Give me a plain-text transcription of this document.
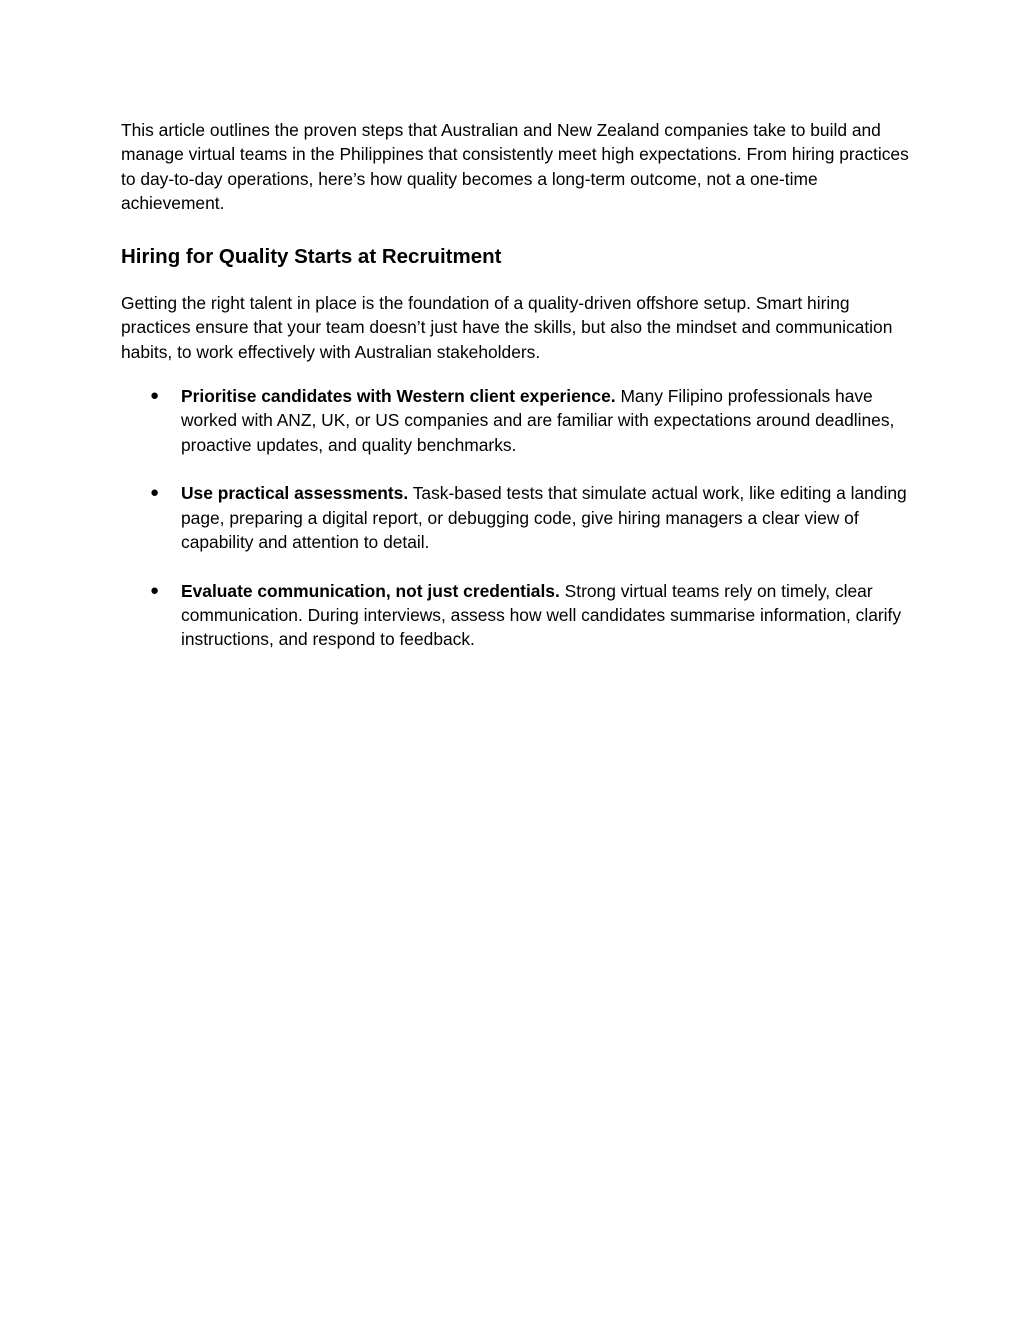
This article outlines the proven steps that Australian and New Zealand companies take to build and manage virtual teams in the Philippines that consistently meet high expectations. From hiring practices to day-to-day operations, here’s how quality becomes a long-term outcome, not a one-time achievement.

Hiring for Quality Starts at Recruitment

Getting the right talent in place is the foundation of a quality-driven offshore setup. Smart hiring practices ensure that your team doesn’t just have the skills, but also the mindset and communication habits, to work effectively with Australian stakeholders.

● Prioritise candidates with Western client experience. Many Filipino professionals have worked with ANZ, UK, or US companies and are familiar with expectations around deadlines, proactive updates, and quality benchmarks.
● Use practical assessments. Task-based tests that simulate actual work, like editing a landing page, preparing a digital report, or debugging code, give hiring managers a clear view of capability and attention to detail.
● Evaluate communication, not just credentials. Strong virtual teams rely on timely, clear communication. During interviews, assess how well candidates summarise information, clarify instructions, and respond to feedback.
